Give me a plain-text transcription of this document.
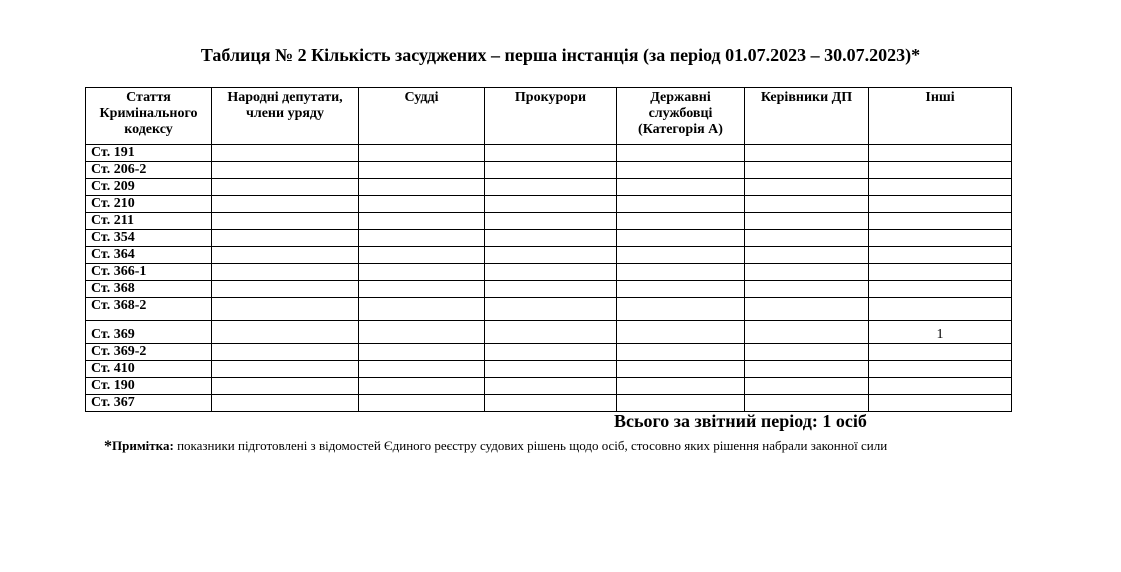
Таблиця № 2 Кількість засуджених – перша інстанція (за період 01.07.2023 – 30.07.2023)*
Стаття Кримінального кодексу	Народні депутати, члени уряду	Судді	Прокурори	Державні службовці (Категорія А)	Керівники ДП	Інші
Ст. 191						
Ст. 206-2						
Ст. 209						
Ст. 210						
Ст. 211						
Ст. 354						
Ст. 364						
Ст. 366-1						
Ст. 368						
Ст. 368-2						
Ст. 369						1
Ст. 369-2						
Ст. 410						
Ст. 190						
Ст. 367						
Всього за звітний період: 1 осіб
*Примітка: показники підготовлені з відомостей Єдиного реєстру судових рішень щодо осіб, стосовно яких рішення набрали законної сили
